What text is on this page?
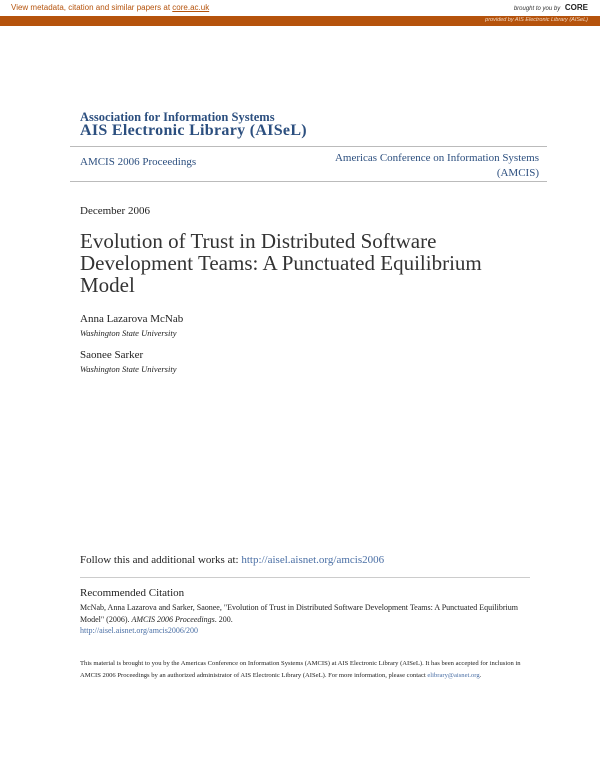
View metadata, citation and similar papers at core.ac.uk	brought to you by CORE
provided by AIS Electronic Library (AISeL)
Association for Information Systems
AIS Electronic Library (AISeL)
AMCIS 2006 Proceedings	Americas Conference on Information Systems
(AMCIS)
December 2006
Evolution of Trust in Distributed Software Development Teams: A Punctuated Equilibrium Model
Anna Lazarova McNab
Washington State University
Saonee Sarker
Washington State University
Follow this and additional works at: http://aisel.aisnet.org/amcis2006
Recommended Citation
McNab, Anna Lazarova and Sarker, Saonee, "Evolution of Trust in Distributed Software Development Teams: A Punctuated Equilibrium Model" (2006). AMCIS 2006 Proceedings. 200.
http://aisel.aisnet.org/amcis2006/200
This material is brought to you by the Americas Conference on Information Systems (AMCIS) at AIS Electronic Library (AISeL). It has been accepted for inclusion in AMCIS 2006 Proceedings by an authorized administrator of AIS Electronic Library (AISeL). For more information, please contact elibrary@aisnet.org.
